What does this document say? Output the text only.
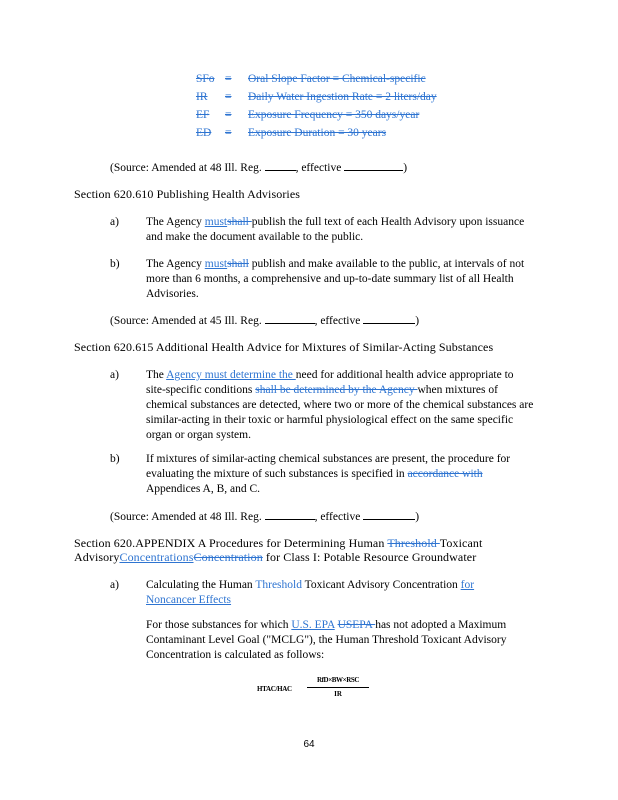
SFo = Oral Slope Factor = Chemical-specific
IR = Daily Water Ingestion Rate = 2 liters/day
EF = Exposure Frequency = 350 days/year
ED = Exposure Duration = 30 years
(Source: Amended at 48 Ill. Reg.	, effective	)
Section 620.610 Publishing Health Advisories
a) The Agency mustshall publish the full text of each Health Advisory upon issuance and make the document available to the public.
b) The Agency mustshall publish and make available to the public, at intervals of not more than 6 months, a comprehensive and up-to-date summary list of all Health Advisories.
(Source: Amended at 45 Ill. Reg.	, effective	)
Section 620.615 Additional Health Advice for Mixtures of Similar-Acting Substances
a) The Agency must determine the need for additional health advice appropriate to site-specific conditions shall be determined by the Agency when mixtures of chemical substances are detected, where two or more of the chemical substances are similar-acting in their toxic or harmful physiological effect on the same specific organ or organ system.
b) If mixtures of similar-acting chemical substances are present, the procedure for evaluating the mixture of such substances is specified in accordance with Appendices A, B, and C.
(Source: Amended at 48 Ill. Reg.	, effective	)
Section 620.APPENDIX A Procedures for Determining Human Threshold Toxicant
AdvisoryConcentrationsConcentration for Class I: Potable Resource Groundwater
a) Calculating the Human Threshold Toxicant Advisory Concentration for Noncancer Effects
For those substances for which U.S. EPA USEPA has not adopted a Maximum Contaminant Level Goal ("MCLG"), the Human Threshold Toxicant Advisory Concentration is calculated as follows:
HTAC/HAC
RfD×BW×RSC
IR
64
